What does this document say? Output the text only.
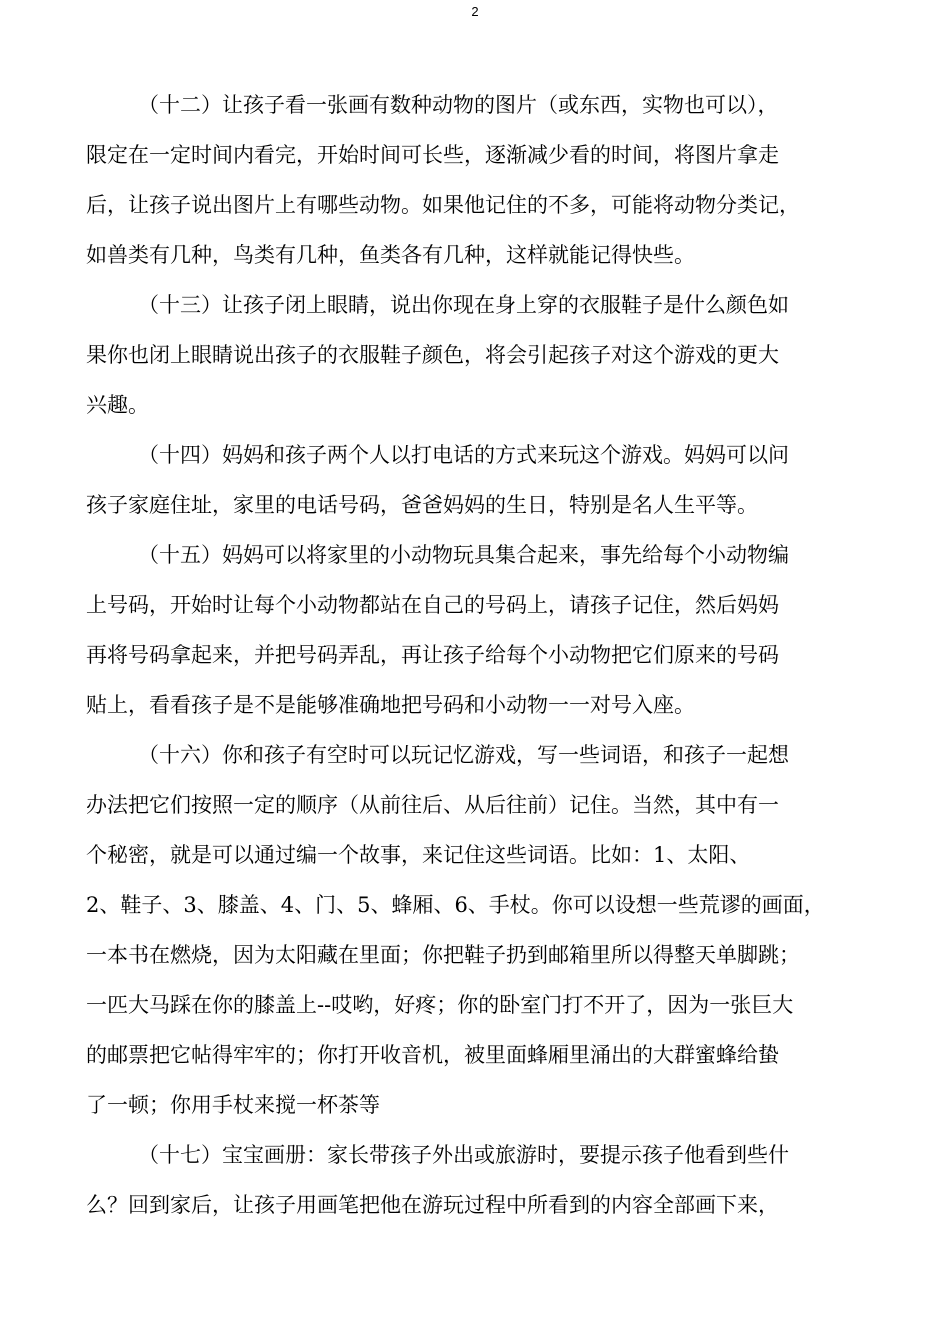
2
（十二）让孩子看一张画有数种动物的图片（或东西，实物也可以），
限定在一定时间内看完，开始时间可长些，逐渐减少看的时间，将图片拿走
后，让孩子说出图片上有哪些动物。如果他记住的不多，可能将动物分类记，
如兽类有几种，鸟类有几种，鱼类各有几种，这样就能记得快些。
（十三）让孩子闭上眼睛，说出你现在身上穿的衣服鞋子是什么颜色如
果你也闭上眼睛说出孩子的衣服鞋子颜色，将会引起孩子对这个游戏的更大
兴趣。
（十四）妈妈和孩子两个人以打电话的方式来玩这个游戏。妈妈可以问
孩子家庭住址，家里的电话号码，爸爸妈妈的生日，特别是名人生平等。
（十五）妈妈可以将家里的小动物玩具集合起来，事先给每个小动物编
上号码，开始时让每个小动物都站在自己的号码上，请孩子记住，然后妈妈
再将号码拿起来，并把号码弄乱，再让孩子给每个小动物把它们原来的号码
贴上，看看孩子是不是能够准确地把号码和小动物一一对号入座。
（十六）你和孩子有空时可以玩记忆游戏，写一些词语，和孩子一起想
办法把它们按照一定的顺序（从前往后、从后往前）记住。当然，其中有一
个秘密，就是可以通过编一个故事，来记住这些词语。比如：1、太阳、
2、鞋子、3、膝盖、4、门、5、蜂厢、6、手杖。你可以设想一些荒谬的画面，
一本书在燃烧，因为太阳藏在里面；你把鞋子扔到邮箱里所以得整天单脚跳；
一匹大马踩在你的膝盖上--哎哟，好疼；你的卧室门打不开了，因为一张巨大
的邮票把它帖得牢牢的；你打开收音机，被里面蜂厢里涌出的大群蜜蜂给蛰
了一顿；你用手杖来搅一杯茶等
（十七）宝宝画册：家长带孩子外出或旅游时，要提示孩子他看到些什
么？回到家后，让孩子用画笔把他在游玩过程中所看到的内容全部画下来，
